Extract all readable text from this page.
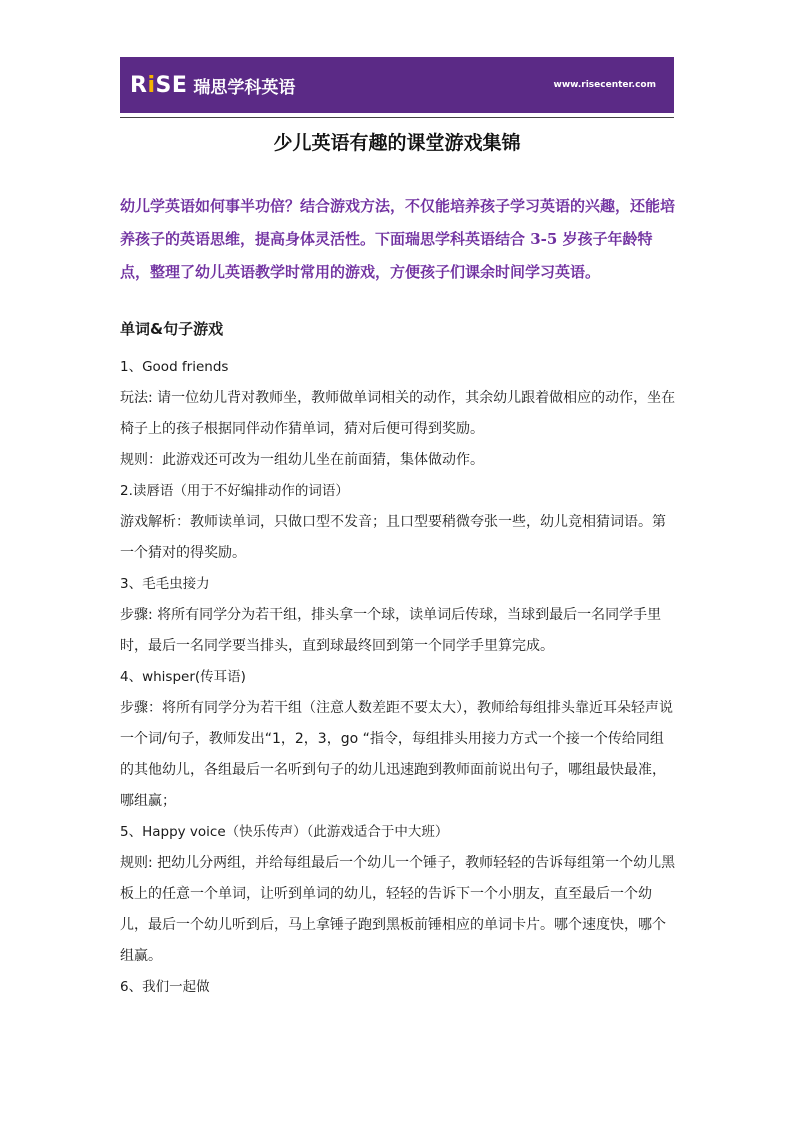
RiSE 瑞思学科英语	www.risecenter.com
少儿英语有趣的课堂游戏集锦

幼儿学英语如何事半功倍？结合游戏方法，不仅能培养孩子学习英语的兴趣，还能培养孩子的英语思维，提高身体灵活性。下面瑞思学科英语结合 3-5 岁孩子年龄特点，整理了幼儿英语教学时常用的游戏，方便孩子们课余时间学习英语。

单词&句子游戏

1、Good friends

玩法: 请一位幼儿背对教师坐，教师做单词相关的动作，其余幼儿跟着做相应的动作，坐在椅子上的孩子根据同伴动作猜单词，猜对后便可得到奖励。

规则：此游戏还可改为一组幼儿坐在前面猜，集体做动作。

2.读唇语（用于不好编排动作的词语）

游戏解析：教师读单词，只做口型不发音；且口型要稍微夸张一些，幼儿竞相猜词语。第一个猜对的得奖励。

3、毛毛虫接力

步骤: 将所有同学分为若干组，排头拿一个球，读单词后传球，当球到最后一名同学手里时，最后一名同学要当排头，直到球最终回到第一个同学手里算完成。

4、whisper(传耳语)

步骤：将所有同学分为若干组（注意人数差距不要太大），教师给每组排头靠近耳朵轻声说一个词/句子，教师发出“1，2，3，go “指令，每组排头用接力方式一个接一个传给同组的其他幼儿，各组最后一名听到句子的幼儿迅速跑到教师面前说出句子，哪组最快最准，哪组赢；

5、Happy voice（快乐传声）（此游戏适合于中大班）

规则: 把幼儿分两组，并给每组最后一个幼儿一个锤子，教师轻轻的告诉每组第一个幼儿黑板上的任意一个单词，让听到单词的幼儿，轻轻的告诉下一个小朋友，直至最后一个幼儿，最后一个幼儿听到后，马上拿锤子跑到黑板前锤相应的单词卡片。哪个速度快，哪个组赢。

6、我们一起做
